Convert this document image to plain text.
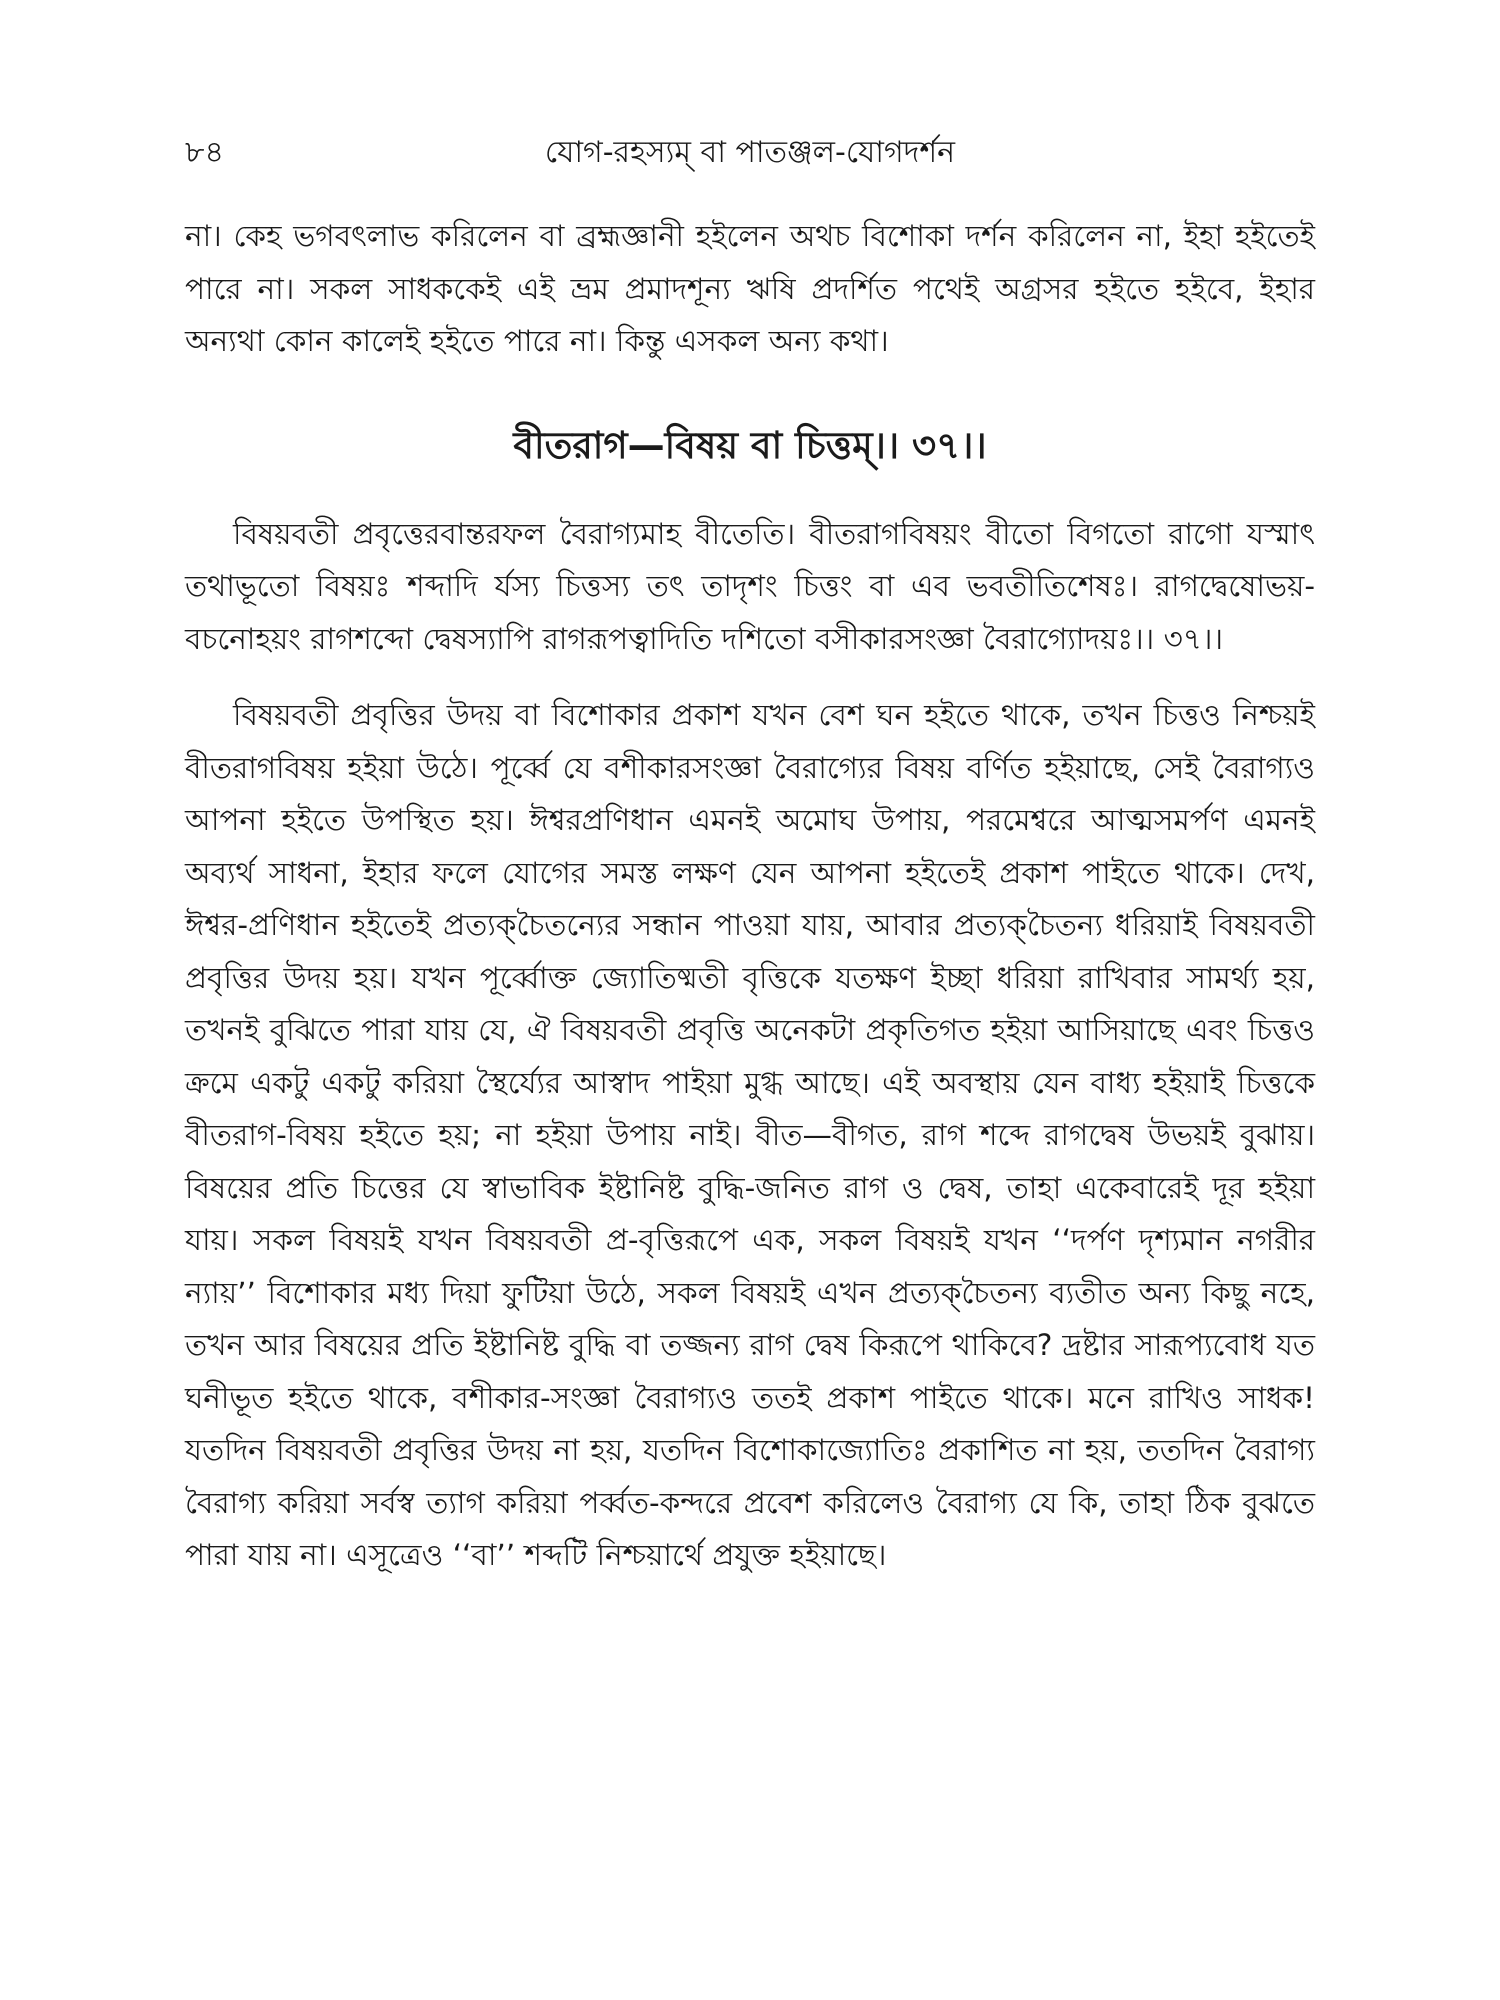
৮৪	যোগ-রহস্যম্‌ বা পাতঞ্জল-যোগদর্শন

না। কেহ ভগবৎলাভ করিলেন বা ব্রহ্মজ্ঞানী হইলেন অথচ বিশোকা দর্শন করিলেন না, ইহা হইতেই পারে না। সকল সাধককেই এই ভ্রম প্রমাদশূন্য ঋষি প্রদর্শিত পথেই অগ্রসর হইতে হইবে, ইহার অন্যথা কোন কালেই হইতে পারে না। কিন্তু এসকল অন্য কথা।

বীতরাগ—বিষয় বা চিত্তম্‌।। ৩৭।।

বিষয়বতী প্রবৃত্তেরবান্তরফল বৈরাগ্যমাহ বীতেতি। বীতরাগবিষয়ং বীতো বিগতো রাগো যস্মাৎ তথাভূতো বিষয়ঃ শব্দাদি র্যস্য চিত্তস্য তৎ তাদৃশং চিত্তং বা এব ভবতীতিশেষঃ। রাগদ্বেষোভয়-বচনোহয়ং রাগশব্দো দ্বেষস্যাপি রাগরূপত্বাদিতি দশিতো বসীকারসংজ্ঞা বৈরাগ্যোদয়ঃ।। ৩৭।।

বিষয়বতী প্রবৃত্তির উদয় বা বিশোকার প্রকাশ যখন বেশ ঘন হইতে থাকে, তখন চিত্তও নিশ্চয়ই বীতরাগবিষয় হইয়া উঠে। পূর্ব্বে যে বশীকারসংজ্ঞা বৈরাগ্যের বিষয় বর্ণিত হইয়াছে, সেই বৈরাগ্যও আপনা হইতে উপস্থিত হয়। ঈশ্বরপ্রণিধান এমনই অমোঘ উপায়, পরমেশ্বরে আত্মসমর্পণ এমনই অব্যর্থ সাধনা, ইহার ফলে যোগের সমস্ত লক্ষণ যেন আপনা হইতেই প্রকাশ পাইতে থাকে। দেখ, ঈশ্বর-প্রণিধান হইতেই প্রত্যক্‌চৈতন্যের সন্ধান পাওয়া যায়, আবার প্রত্যক্‌চৈতন্য ধরিয়াই বিষয়বতী প্রবৃত্তির উদয় হয়। যখন পূর্ব্বোক্ত জ্যোতিষ্মতী বৃত্তিকে যতক্ষণ ইচ্ছা ধরিয়া রাখিবার সামর্থ্য হয়, তখনই বুঝিতে পারা যায় যে, ঐ বিষয়বতী প্রবৃত্তি অনেকটা প্রকৃতিগত হইয়া আসিয়াছে এবং চিত্তও ক্রমে একটু একটু করিয়া স্থৈর্য্যের আস্বাদ পাইয়া মুগ্ধ আছে। এই অবস্থায় যেন বাধ্য হইয়াই চিত্তকে বীতরাগ-বিষয় হইতে হয়; না হইয়া উপায় নাই। বীত—বীগত, রাগ শব্দে রাগদ্বেষ উভয়ই বুঝায়। বিষয়ের প্রতি চিত্তের যে স্বাভাবিক ইষ্টানিষ্ট বুদ্ধি-জনিত রাগ ও দ্বেষ, তাহা একেবারেই দূর হইয়া যায়। সকল বিষয়ই যখন বিষয়বতী প্র-বৃত্তিরূপে এক, সকল বিষয়ই যখন ‘‘দর্পণ দৃশ্যমান নগরীর ন্যায়’’ বিশোকার মধ্য দিয়া ফুটিয়া উঠে, সকল বিষয়ই এখন প্রত্যক্‌চৈতন্য ব্যতীত অন্য কিছু নহে, তখন আর বিষয়ের প্রতি ইষ্টানিষ্ট বুদ্ধি বা তজ্জন্য রাগ দ্বেষ কিরূপে থাকিবে? দ্রষ্টার সারূপ্যবোধ যত ঘনীভূত হইতে থাকে, বশীকার-সংজ্ঞা বৈরাগ্যও ততই প্রকাশ পাইতে থাকে। মনে রাখিও সাধক! যতদিন বিষয়বতী প্রবৃত্তির উদয় না হয়, যতদিন বিশোকাজ্যোতিঃ প্রকাশিত না হয়, ততদিন বৈরাগ্য বৈরাগ্য করিয়া সর্বস্ব ত্যাগ করিয়া পর্ব্বত-কন্দরে প্রবেশ করিলেও বৈরাগ্য যে কি, তাহা ঠিক বুঝতে পারা যায় না। এসূত্রেও ‘‘বা’’ শব্দটি নিশ্চয়ার্থে প্রযুক্ত হইয়াছে।
